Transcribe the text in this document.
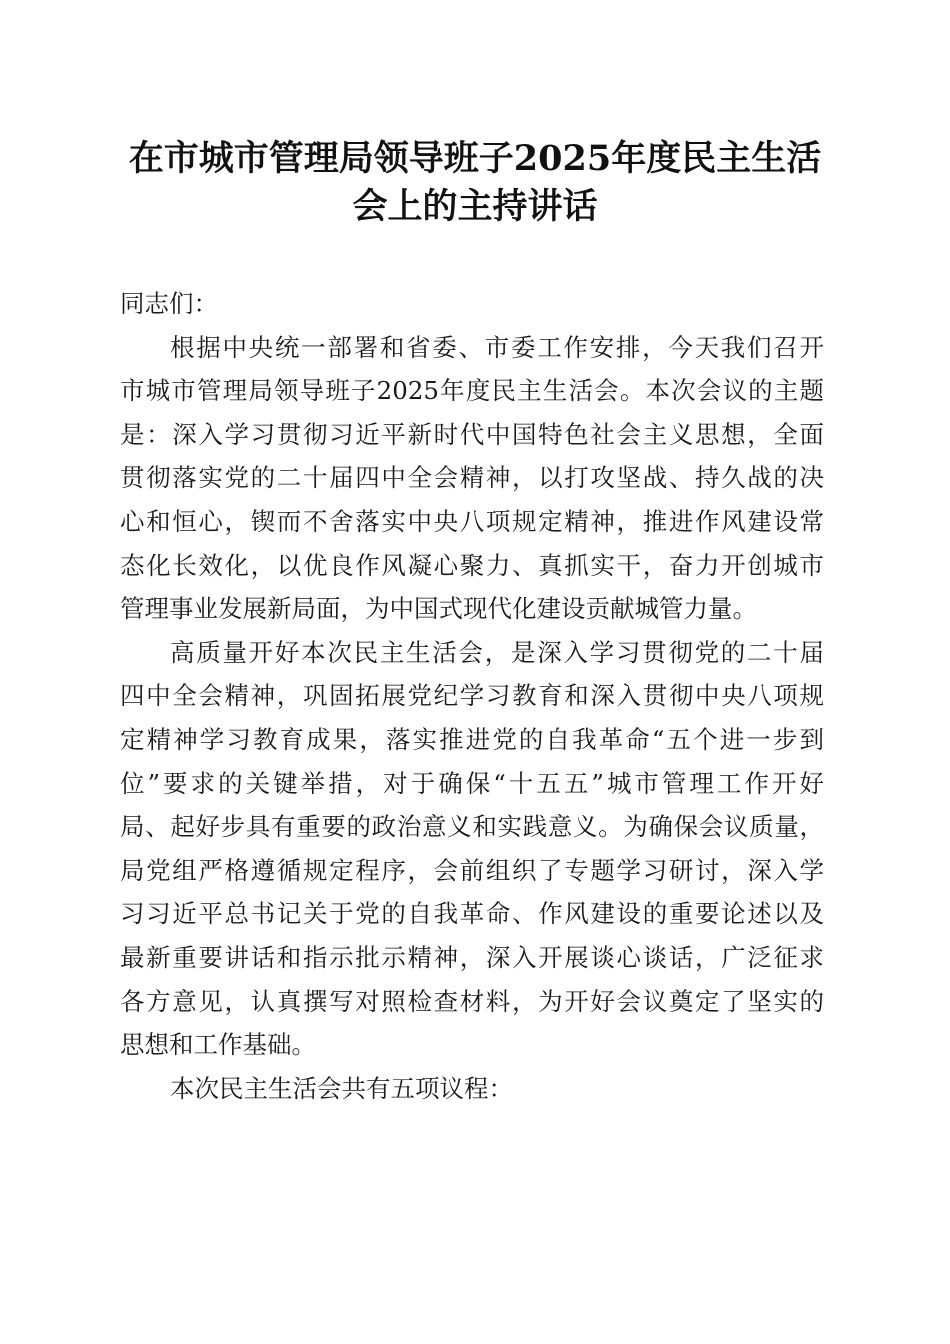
在市城市管理局领导班子2025年度民主生活
会上的主持讲话
同志们：
根据中央统一部署和省委、市委工作安排，今天我们召开
市城市管理局领导班子2025年度民主生活会。本次会议的主题
是：深入学习贯彻习近平新时代中国特色社会主义思想，全面
贯彻落实党的二十届四中全会精神，以打攻坚战、持久战的决
心和恒心，锲而不舍落实中央八项规定精神，推进作风建设常
态化长效化，以优良作风凝心聚力、真抓实干，奋力开创城市
管理事业发展新局面，为中国式现代化建设贡献城管力量。
高质量开好本次民主生活会，是深入学习贯彻党的二十届
四中全会精神，巩固拓展党纪学习教育和深入贯彻中央八项规
定精神学习教育成果，落实推进党的自我革命“五个进一步到
位”要求的关键举措，对于确保“十五五”城市管理工作开好
局、起好步具有重要的政治意义和实践意义。为确保会议质量，
局党组严格遵循规定程序，会前组织了专题学习研讨，深入学
习习近平总书记关于党的自我革命、作风建设的重要论述以及
最新重要讲话和指示批示精神，深入开展谈心谈话，广泛征求
各方意见，认真撰写对照检查材料，为开好会议奠定了坚实的
思想和工作基础。
本次民主生活会共有五项议程：
